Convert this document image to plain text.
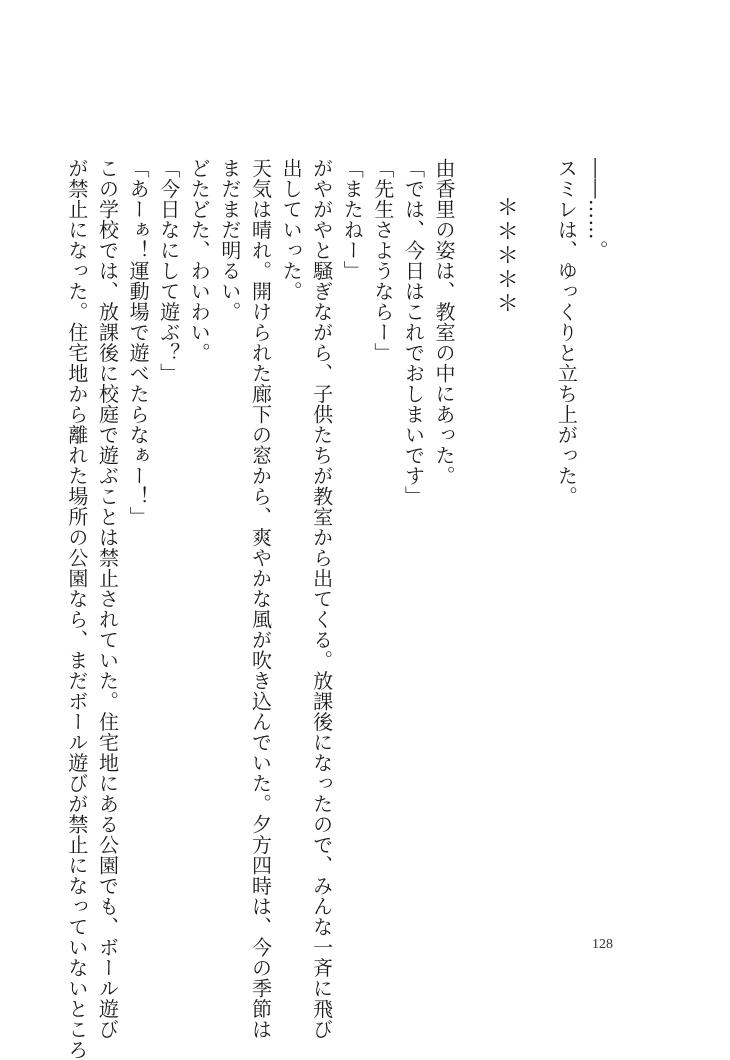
――……。
スミレは、ゆっくりと立ち上がった。
＊＊＊＊＊
由香里の姿は、教室の中にあった。
「では、今日はこれでおしまいです」
「先生さようならー」
「またねー」
がやがやと騒ぎながら、子供たちが教室から出てくる。放課後になったので、みんな一斉に飛び
出していった。
天気は晴れ。開けられた廊下の窓から、爽やかな風が吹き込んでいた。夕方四時は、今の季節は
まだまだ明るい。
どたどた、わいわい。
「今日なにして遊ぶ？」
「あーぁ！運動場で遊べたらなぁー！」
この学校では、放課後に校庭で遊ぶことは禁止されていた。住宅地にある公園でも、ボール遊び
が禁止になった。住宅地から離れた場所の公園なら、まだボール遊びが禁止になっていないところ	128
